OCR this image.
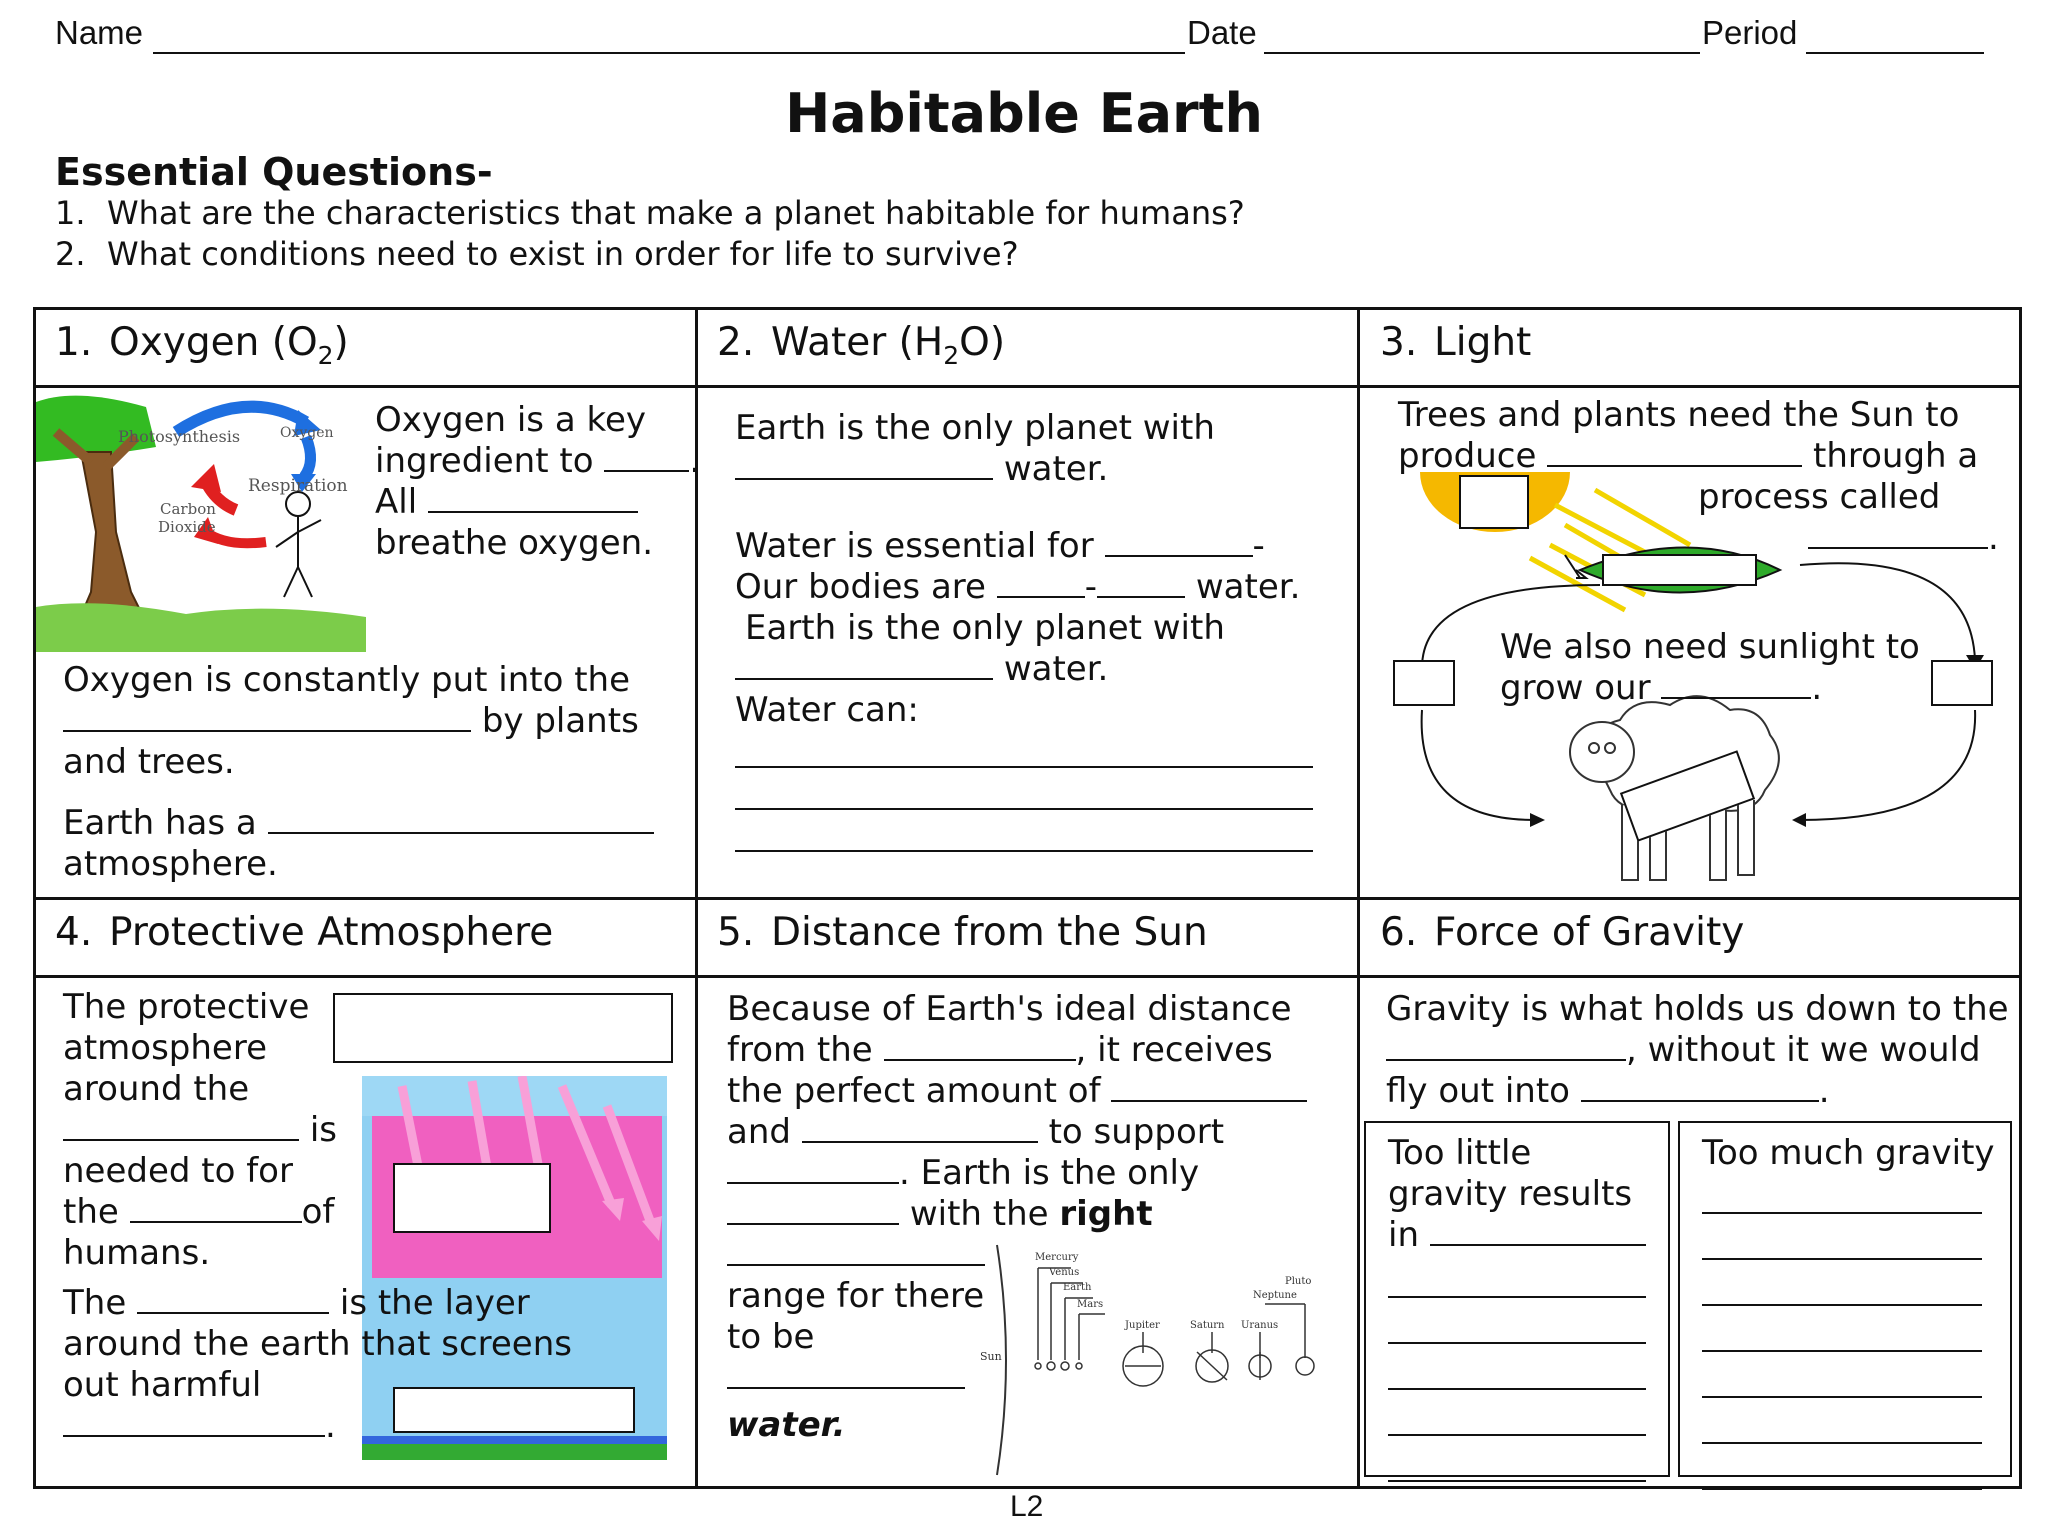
Name	Date	Period
Habitable Earth
Essential Questions-
1. What are the characteristics that make a planet habitable for humans?
2. What conditions need to exist in order for life to survive?
1. Oxygen $(O_2)$
Photosynthesis	Oxygen
Respiration
Carbon
Dioxide
Oxygen is a key
ingredient to	.
All
breathe oxygen.
Oxygen is constantly put into the
by plants
and trees.
Earth has a
atmosphere.
2. Water $(H_2O)$
Earth is the only planet with
water.
Water is essential for	-
Our bodies are	-	water.
Earth is the only planet with
water.
Water can:
3. Light
Trees and plants need the Sun to
produce	through a
process called
.
We also need sunlight to
grow our	.
4. Protective Atmosphere
The protective
atmosphere
around the
is
needed to for
the	of
humans.
The	is the layer
around the earth that screens
out harmful
.
5. Distance from the Sun
Because of Earth's ideal distance
from the	, it receives
the perfect amount of
and	to support
. Earth is the only
with the right
range for there
to be
water.
Sun
Mercury
Venus
Earth
Mars
Jupiter	Saturn Uranus
Neptune
Pluto
6. Force of Gravity
Gravity is what holds us down to the
, without it we would
fly out into	.
Too little
gravity results
in
Too much gravity
L2
